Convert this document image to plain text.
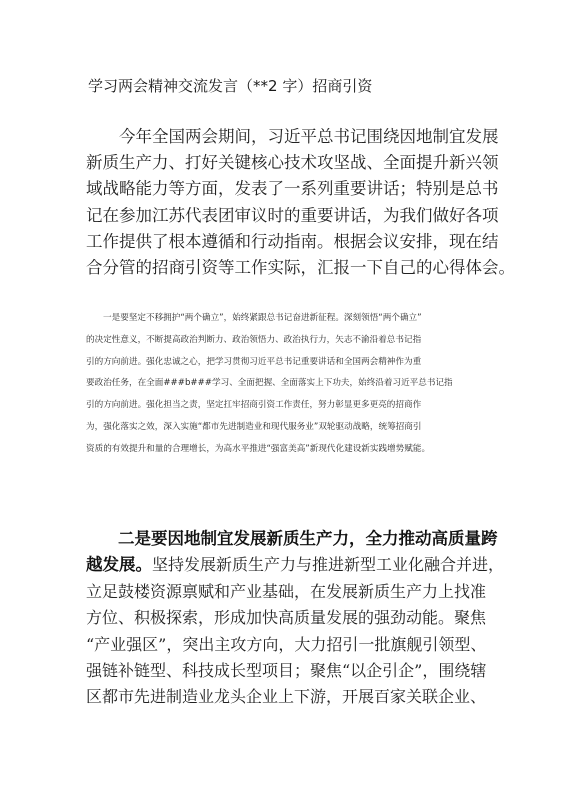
学习两会精神交流发言（**2 字）招商引资

今年全国两会期间，习近平总书记围绕因地制宜发展
新质生产力、打好关键核心技术攻坚战、全面提升新兴领
域战略能力等方面，发表了一系列重要讲话；特别是总书
记在参加江苏代表团审议时的重要讲话，为我们做好各项
工作提供了根本遵循和行动指南。根据会议安排，现在结
合分管的招商引资等工作实际，汇报一下自己的心得体会。

一是要坚定不移拥护“两个确立”，始终紧跟总书记奋进新征程。深刻领悟“两个确立”
的决定性意义，不断提高政治判断力、政治领悟力、政治执行力，矢志不渝沿着总书记指
引的方向前进。强化忠诚之心，把学习贯彻习近平总书记重要讲话和全国两会精神作为重
要政治任务，在全面###b###学习、全面把握、全面落实上下功夫，始终沿着习近平总书记指
引的方向前进。强化担当之责，坚定扛牢招商引资工作责任，努力彰显更多更亮的招商作
为，强化落实之效，深入实施“都市先进制造业和现代服务业”双轮驱动战略，统筹招商引
资质的有效提升和量的合理增长，为高水平推进“强富美高”新现代化建设新实践增势赋能。

二是要因地制宜发展新质生产力，全力推动高质量跨
越发展。坚持发展新质生产力与推进新型工业化融合并进，
立足鼓楼资源禀赋和产业基础，在发展新质生产力上找准
方位、积极探索，形成加快高质量发展的强劲动能。聚焦
“产业强区”，突出主攻方向，大力招引一批旗舰引领型、
强链补链型、科技成长型项目；聚焦“以企引企”，围绕辖
区都市先进制造业龙头企业上下游，开展百家关联企业、
